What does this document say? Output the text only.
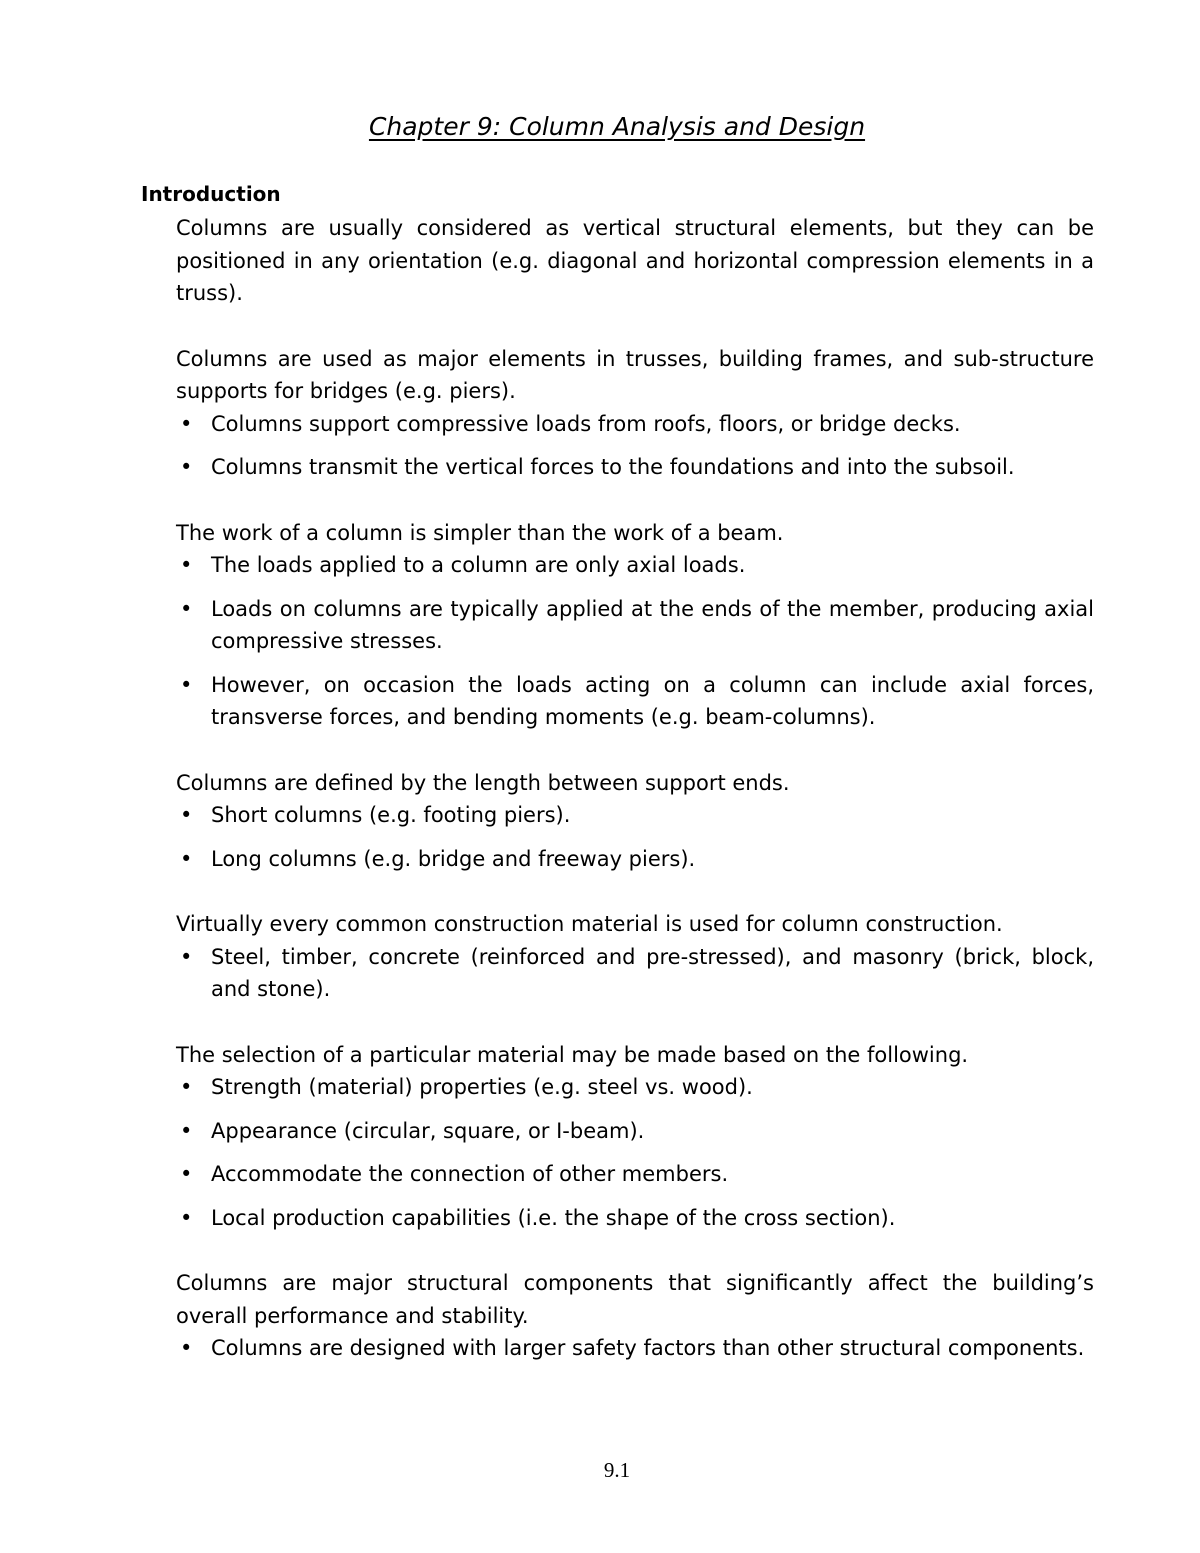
Chapter 9: Column Analysis and Design
Introduction

Columns are usually considered as vertical structural elements, but they can be positioned in any orientation (e.g. diagonal and horizontal compression elements in a truss).

Columns are used as major elements in trusses, building frames, and sub-structure supports for bridges (e.g. piers).

• Columns support compressive loads from roofs, floors, or bridge decks.
• Columns transmit the vertical forces to the foundations and into the subsoil.

The work of a column is simpler than the work of a beam.

• The loads applied to a column are only axial loads.
• Loads on columns are typically applied at the ends of the member, producing axial compressive stresses.
• However, on occasion the loads acting on a column can include axial forces, transverse forces, and bending moments (e.g. beam-columns).

Columns are defined by the length between support ends.

• Short columns (e.g. footing piers).
• Long columns (e.g. bridge and freeway piers).

Virtually every common construction material is used for column construction.

• Steel, timber, concrete (reinforced and pre-stressed), and masonry (brick, block, and stone).

The selection of a particular material may be made based on the following.

• Strength (material) properties (e.g. steel vs. wood).
• Appearance (circular, square, or I-beam).
• Accommodate the connection of other members.
• Local production capabilities (i.e. the shape of the cross section).

Columns are major structural components that significantly affect the building’s overall performance and stability.

• Columns are designed with larger safety factors than other structural components.
9.1
